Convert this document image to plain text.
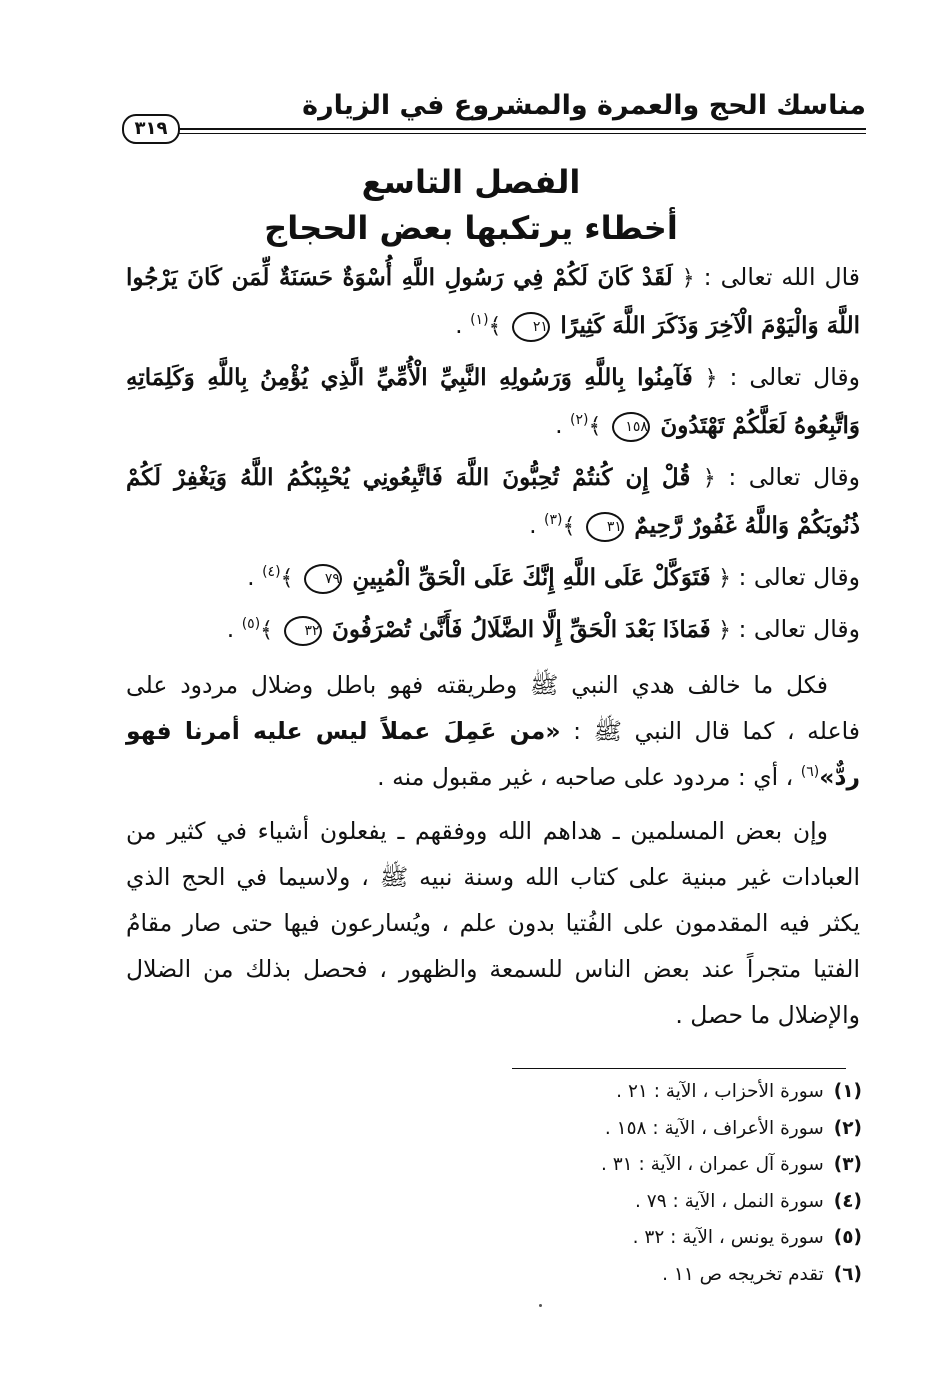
مناسك الحج والعمرة والمشروع في الزيارة
٣١٩
الفصل التاسع
أخطاء يرتكبها بعض الحجاج

قال الله تعالى : ﴿ لَقَدْ كَانَ لَكُمْ فِي رَسُولِ اللَّهِ أُسْوَةٌ حَسَنَةٌ لِّمَن كَانَ يَرْجُوا اللَّهَ وَالْيَوْمَ الْآخِرَ وَذَكَرَ اللَّهَ كَثِيرًا ٢١ ﴾$^{(١)}$ .

وقال تعالى : ﴿ فَآمِنُوا بِاللَّهِ وَرَسُولِهِ النَّبِيِّ الْأُمِّيِّ الَّذِي يُؤْمِنُ بِاللَّهِ وَكَلِمَاتِهِ وَاتَّبِعُوهُ لَعَلَّكُمْ تَهْتَدُونَ ١٥٨ ﴾$^{(٢)}$ .

وقال تعالى : ﴿ قُلْ إِن كُنتُمْ تُحِبُّونَ اللَّهَ فَاتَّبِعُونِي يُحْبِبْكُمُ اللَّهُ وَيَغْفِرْ لَكُمْ ذُنُوبَكُمْ وَاللَّهُ غَفُورٌ رَّحِيمٌ ٣١ ﴾$^{(٣)}$ .

وقال تعالى : ﴿ فَتَوَكَّلْ عَلَى اللَّهِ إِنَّكَ عَلَى الْحَقِّ الْمُبِينِ ٧٩ ﴾$^{(٤)}$ .

وقال تعالى : ﴿ فَمَاذَا بَعْدَ الْحَقِّ إِلَّا الضَّلَالُ فَأَنَّىٰ تُصْرَفُونَ ٣٢ ﴾$^{(٥)}$ .

فكل ما خالف هدي النبي ﷺ وطريقته فهو باطل وضلال مردود على فاعله ، كما قال النبي ﷺ : «من عَمِلَ عملاً ليس عليه أمرنا فهو ردٌّ»$^{(٦)}$ ، أي : مردود على صاحبه ، غير مقبول منه .

وإن بعض المسلمين ـ هداهم الله ووفقهم ـ يفعلون أشياء في كثير من العبادات غير مبنية على كتاب الله وسنة نبيه ﷺ ، ولاسيما في الحج الذي يكثر فيه المقدمون على الفُتيا بدون علم ، ويُسارعون فيها حتى صار مقامُ الفتيا متجراً عند بعض الناس للسمعة والظهور ، فحصل بذلك من الضلال والإضلال ما حصل .

(١)سورة الأحزاب ، الآية : ٢١ .
(٢)سورة الأعراف ، الآية : ١٥٨ .
(٣)سورة آل عمران ، الآية : ٣١ .
(٤)سورة النمل ، الآية : ٧٩ .
(٥)سورة يونس ، الآية : ٣٢ .
(٦)تقدم تخريجه ص ١١ .
